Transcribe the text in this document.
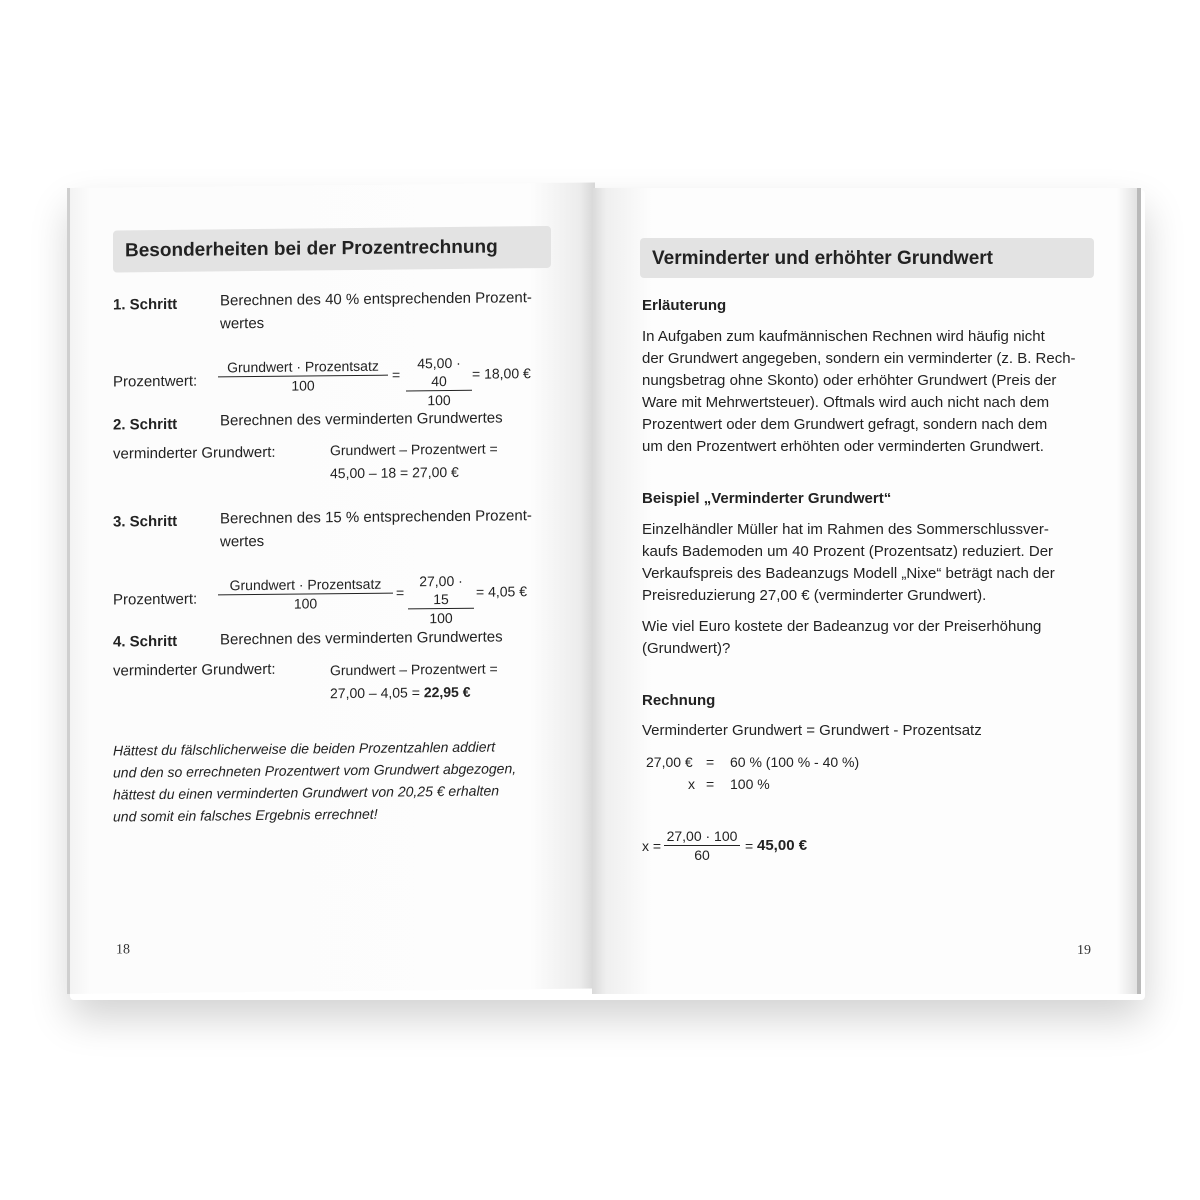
Besonderheiten bei der Prozentrechnung
1. Schritt	Berechnen des 40 % entsprechenden Prozent-
wertes
Prozentwert:
Grundwert · Prozentsatz
100
= $\frac{45,00 \cdot 40}{100} = 18,00$ €
2. Schritt	Berechnen des verminderten Grundwertes
verminderter Grundwert:	Grundwert – Prozentwert =
45,00 – 18 = 27,00 €
3. Schritt	Berechnen des 15 % entsprechenden Prozent-
wertes
Prozentwert:
Grundwert · Prozentsatz
100
= $\frac{27,00 \cdot 15}{100} = 4,05$ €
4. Schritt	Berechnen des verminderten Grundwertes
verminderter Grundwert:	Grundwert – Prozentwert =
27,00 – 4,05 = 22,95 €
Hättest du fälschlicherweise die beiden Prozentzahlen addiert
und den so errechneten Prozentwert vom Grundwert abgezogen,
hättest du einen verminderten Grundwert von 20,25 € erhalten
und somit ein falsches Ergebnis errechnet!
18
Verminderter und erhöhter Grundwert
Erläuterung
In Aufgaben zum kaufmännischen Rechnen wird häufig nicht
der Grundwert angegeben, sondern ein verminderter (z. B. Rech-
nungsbetrag ohne Skonto) oder erhöhter Grundwert (Preis der
Ware mit Mehrwertsteuer). Oftmals wird auch nicht nach dem
Prozentwert oder dem Grundwert gefragt, sondern nach dem
um den Prozentwert erhöhten oder verminderten Grundwert.
Beispiel „Verminderter Grundwert“
Einzelhändler Müller hat im Rahmen des Sommerschlussver-
kaufs Bademoden um 40 Prozent (Prozentsatz) reduziert. Der
Verkaufspreis des Badeanzugs Modell „Nixe“ beträgt nach der
Preisreduzierung 27,00 € (verminderter Grundwert).
Wie viel Euro kostete der Badeanzug vor der Preiserhöhung
(Grundwert)?
Rechnung
Verminderter Grundwert = Grundwert - Prozentsatz
27,00 € = 60 % (100 % - 40 %)
x = 100 %
$x = \frac{27,00 \cdot 100}{60} = 45,00$ €
19
